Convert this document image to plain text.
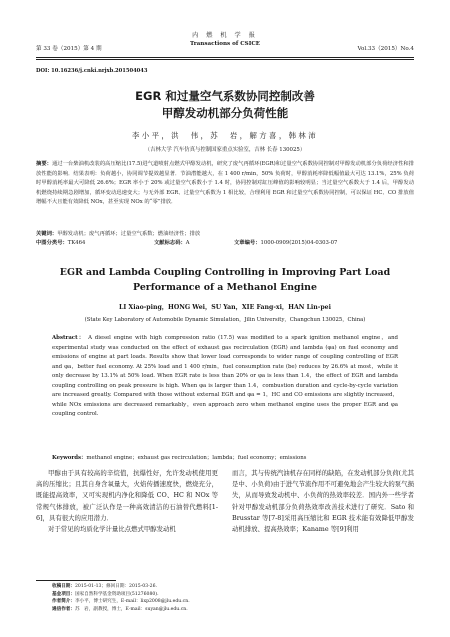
第 33 卷（2015）第 4 期
内 燃 机 学 报
Transactions of CSICE
Vol.33（2015）No.4
DOI: 10.16236/j.cnki.nrjxb.201504043
EGR 和过量空气系数协同控制改善
甲醇发动机部分负荷性能
李小平，洪　伟，苏　岩，解方喜，韩林沛
（吉林大学 汽车仿真与控制国家重点实验室，吉林 长春 130025）
摘要：通过一台柴油机改装的高压缩比(17.5)进气道喷射点燃式甲醇发动机，研究了废气再循环(EGR)和过量空气系数协同控制对甲醇发动机部分负荷经济性和排放性能的影响．结果表明：负荷越小，协同调节提效越显著．节油潜能越大，在 1 400 r/min，50% 负荷时，甲醇消耗率降低幅值最大可达 13.1%，25% 负荷时甲醇消耗率最大可降低 26.6%；EGR 率小于 20% 或过量空气系数小于 1.4 时，协同控制对缸压峰值的影响较明显；当过量空气系数大于 1.4 后，甲醇发动机燃烧持续期急剧增加，循环变动迅速变大；与无外部 EGR、过量空气系数为 1 相比较，合理利用 EGR 和过量空气系数协同控制，可以保证 HC、CO 排放值增幅不大且能有效降低 NOx，甚至实现 NOx 的“零”排放．
关键词：甲醇发动机；废气再循环；过量空气系数；燃油经济性；排放
中图分类号：TK464	文献标志码：A	文章编号：1000-0909(2015)04-0303-07
EGR and Lambda Coupling Controlling in Improving Part Load
Performance of a Methanol Engine
LI Xiao-ping，HONG Wei，SU Yan，XIE Fang-xi，HAN Lin-pei
(State Key Laboratory of Automobile Dynamic Simulation，Jilin University，Changchun 130025，China)
Abstract： A diesel engine with high compression ratio (17.5) was modified to a spark ignition methanol engine，and experimental study was conducted on the effect of exhaust gas recirculation (EGR) and lambda (φa) on fuel economy and emissions of engine at part loads. Results show that lower load corresponds to wider range of coupling controlling of EGR and φa，better fuel economy. At 25% load and 1 400 r/min，fuel consumption rate (be) reduces by 26.6% at most，while it only decrease by 13.1% at 50% load. When EGR rate is less than 20% or φa is less than 1.4，the effect of EGR and lambda coupling controlling on peak pressure is high. When φa is larger than 1.4，combustion duration and cycle-by-cycle variation are increased greatly. Compared with those without external EGR and φa = 1，HC and CO emissions are slightly increased，while NOx emissions are decreased remarkably，even approach zero when methanol engine uses the proper EGR and φa coupling control.
Keywords：methanol engine；exhaust gas recirculation；lambda；fuel economy；emissions

甲醇由于具有较高的辛烷值，抗爆性好，允许发动机使用更高的压缩比；且其自身含氧量大，火焰传播速度快，燃烧充分，既能提高效率，又可实现机内净化和降低 CO、HC 和 NOx 等常规气体排放，被广泛认作是一种高效清洁的石油替代燃料[1-6]，具有很大的应用潜力．

对于常见的均质化学计量比点燃式甲醇发动机

而言，其与传统汽油机存在同样的缺陷，在发动机部分负荷(尤其是中、小负荷)由于进气节流作用不可避免地会产生较大的泵气损失，从而导致发动机中、小负荷的热效率较差．国内外一些学者针对甲醇发动机部分负荷热效率改善技术进行了研究．Sato 和 Brusstar 等[7-8]采用高压缩比和 EGR 技术能有效降低甲醇发动机排放、提高热效率；Kaname 等[9]利用

收稿日期：2015-01-13；修回日期：2015-03-26.
基金项目：国家自然科学基金资助项目(51276080).
作者简介：李小平，博士研究生，E-mail：lixp2008@jlu.edu.cn.
通信作者：苏　岩，副教授，博士，E-mail：suyan@jlu.edu.cn.
